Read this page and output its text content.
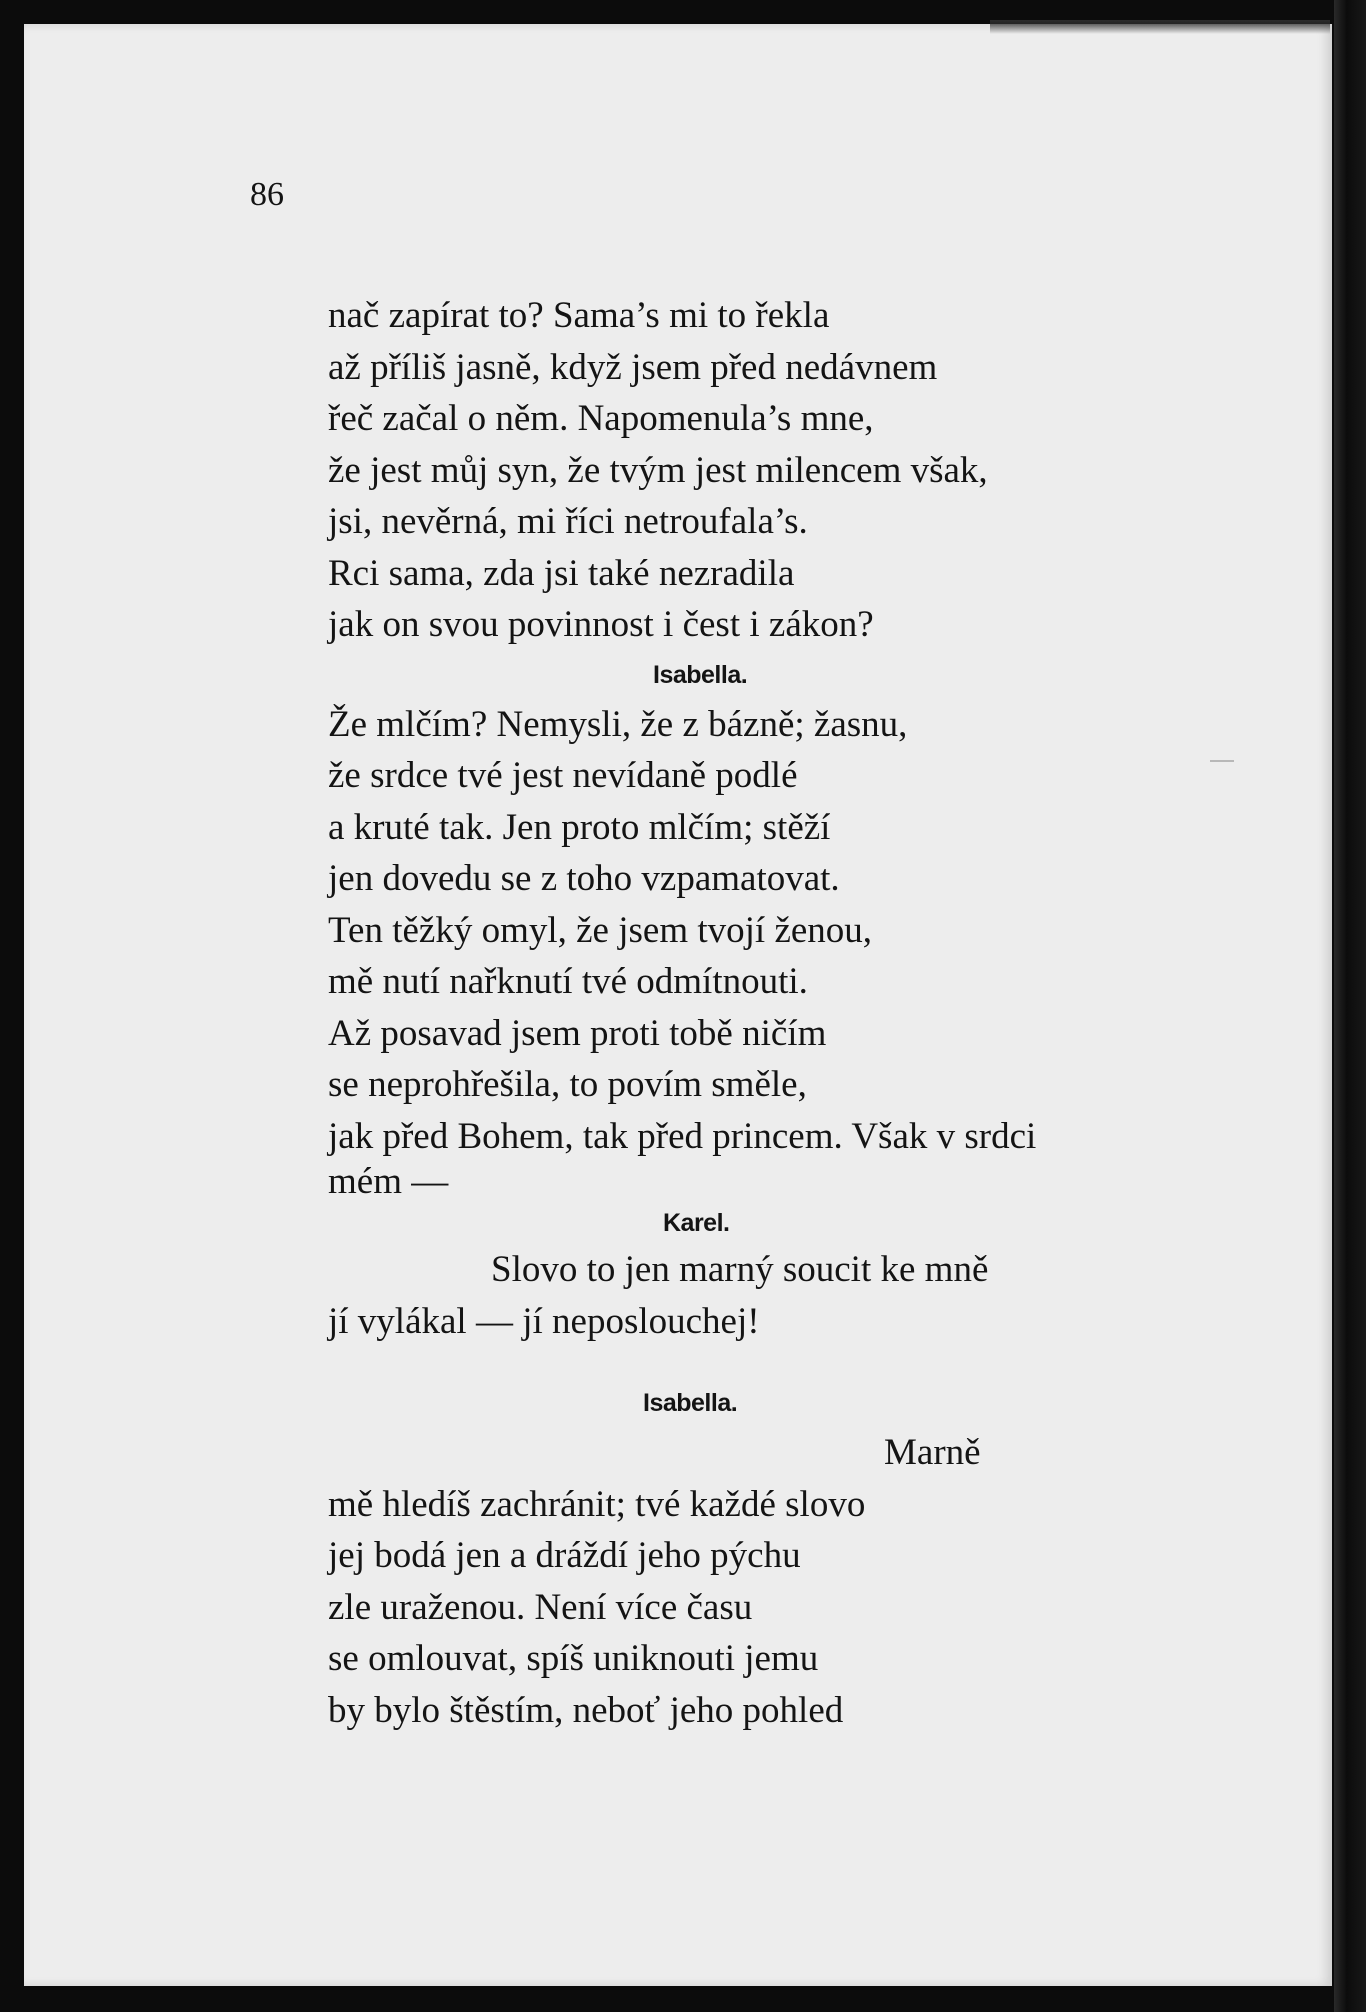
86
nač zapírat to? Sama’s mi to řekla
až příliš jasně, když jsem před nedávnem
řeč začal o něm. Napomenula’s mne,
že jest můj syn, že tvým jest milencem však,
jsi, nevěrná, mi říci netroufala’s.
Rci sama, zda jsi také nezradila
jak on svou povinnost i čest i zákon?
Isabella.
Že mlčím? Nemysli, že z bázně; žasnu,
že srdce tvé jest nevídaně podlé
a kruté tak. Jen proto mlčím; stěží
jen dovedu se z toho vzpamatovat.
Ten těžký omyl, že jsem tvojí ženou,
mě nutí nařknutí tvé odmítnouti.
Až posavad jsem proti tobě ničím
se neprohřešila, to povím směle,
jak před Bohem, tak před princem. Však v srdci
mém —
Karel.
Slovo to jen marný soucit ke mně
jí vylákal — jí neposlouchej!
Isabella.
Marně
mě hledíš zachránit; tvé každé slovo
jej bodá jen a dráždí jeho pýchu
zle uraženou. Není více času
se omlouvat, spíš uniknouti jemu
by bylo štěstím, neboť jeho pohled
